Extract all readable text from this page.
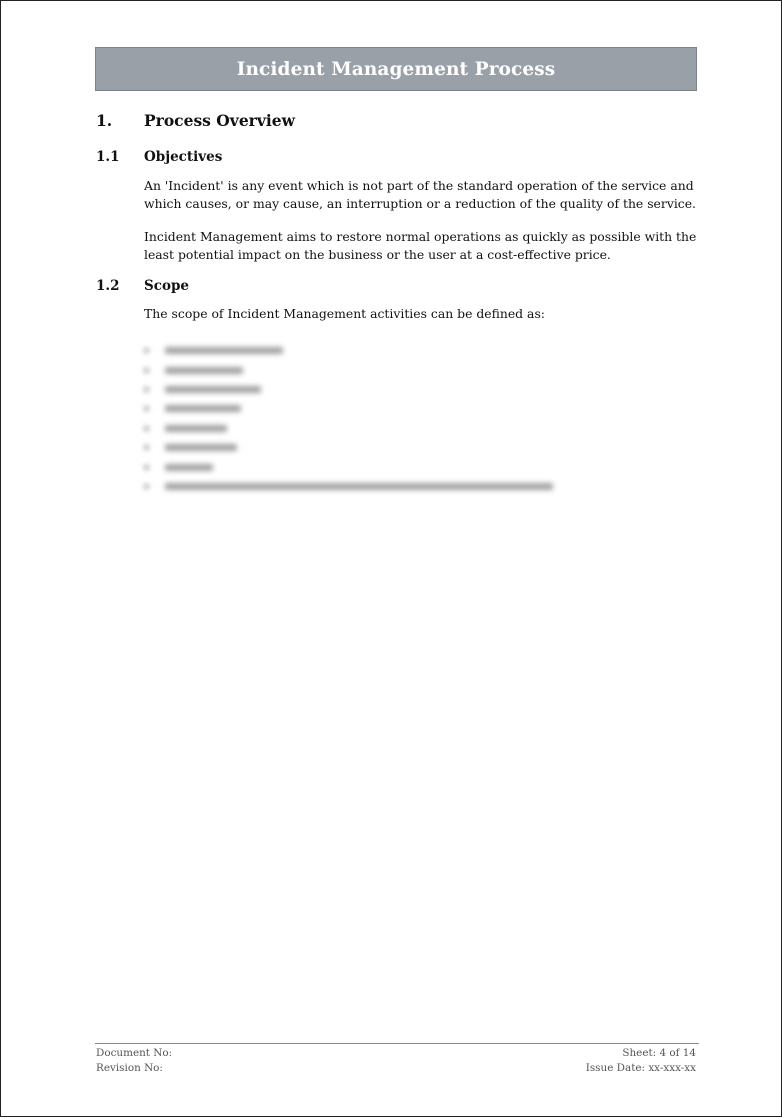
Incident Management Process
1.	Process Overview
1.1	Objectives

An 'Incident' is any event which is not part of the standard operation of the service and which causes, or may cause, an interruption or a reduction of the quality of the service.

Incident Management aims to restore normal operations as quickly as possible with the least potential impact on the business or the user at a cost-effective price.

1.2	Scope

The scope of Incident Management activities can be defined as:

Document No:
Revision No:
Sheet: 4 of 14
Issue Date: xx-xxx-xx
